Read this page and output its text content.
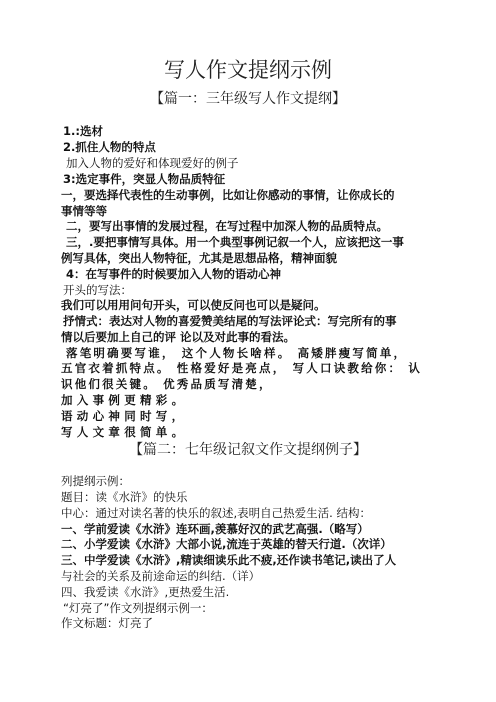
写人作文提纲示例
【篇一：三年级写人作文提纲】
1.:选材
2.抓住人物的特点
加入人物的爱好和体现爱好的例子
3:选定事件，突显人物品质特征
一，要选择代表性的生动事例，比如让你感动的事情，让你成长的
事情等等
二，要写出事情的发展过程，在写过程中加深人物的品质特点。
三，.要把事情写具体。用一个典型事例记叙一个人，应该把这一事
例写具体，突出人物特征，尤其是思想品格，精神面貌
4：在写事件的时候要加入人物的语动心神
开头的写法：
我们可以用用问句开头，可以使反问也可以是疑问。
抒情式：表达对人物的喜爱赞美结尾的写法评论式：写完所有的事
情以后要加上自己的评 论以及对此事的看法。
落笔明确要写谁， 这个人物长啥样。 高矮胖瘦写简单，
五官衣着抓特点。 性格爱好是亮点， 写人口诀教给你： 认
识他们很关键。 优秀品质写清楚，
加入事例更精彩。
语动心神同时写，
写人文章很简单。
【篇二：七年级记叙文作文提纲例子】
列提纲示例：
题目：读《水浒》的快乐
中心：通过对读名著的快乐的叙述,表明自己热爱生活. 结构：
一、学前爱读《水浒》连环画,羡慕好汉的武艺高强.（略写）
二、小学爱读《水浒》大部小说,流连于英雄的替天行道.（次详）
三、中学爱读《水浒》,精读细读乐此不疲,还作读书笔记,读出了人
与社会的关系及前途命运的纠结.（详）
四、我爱读《水浒》,更热爱生活.
“灯亮了”作文列提纲示例一：
作文标题：灯亮了
